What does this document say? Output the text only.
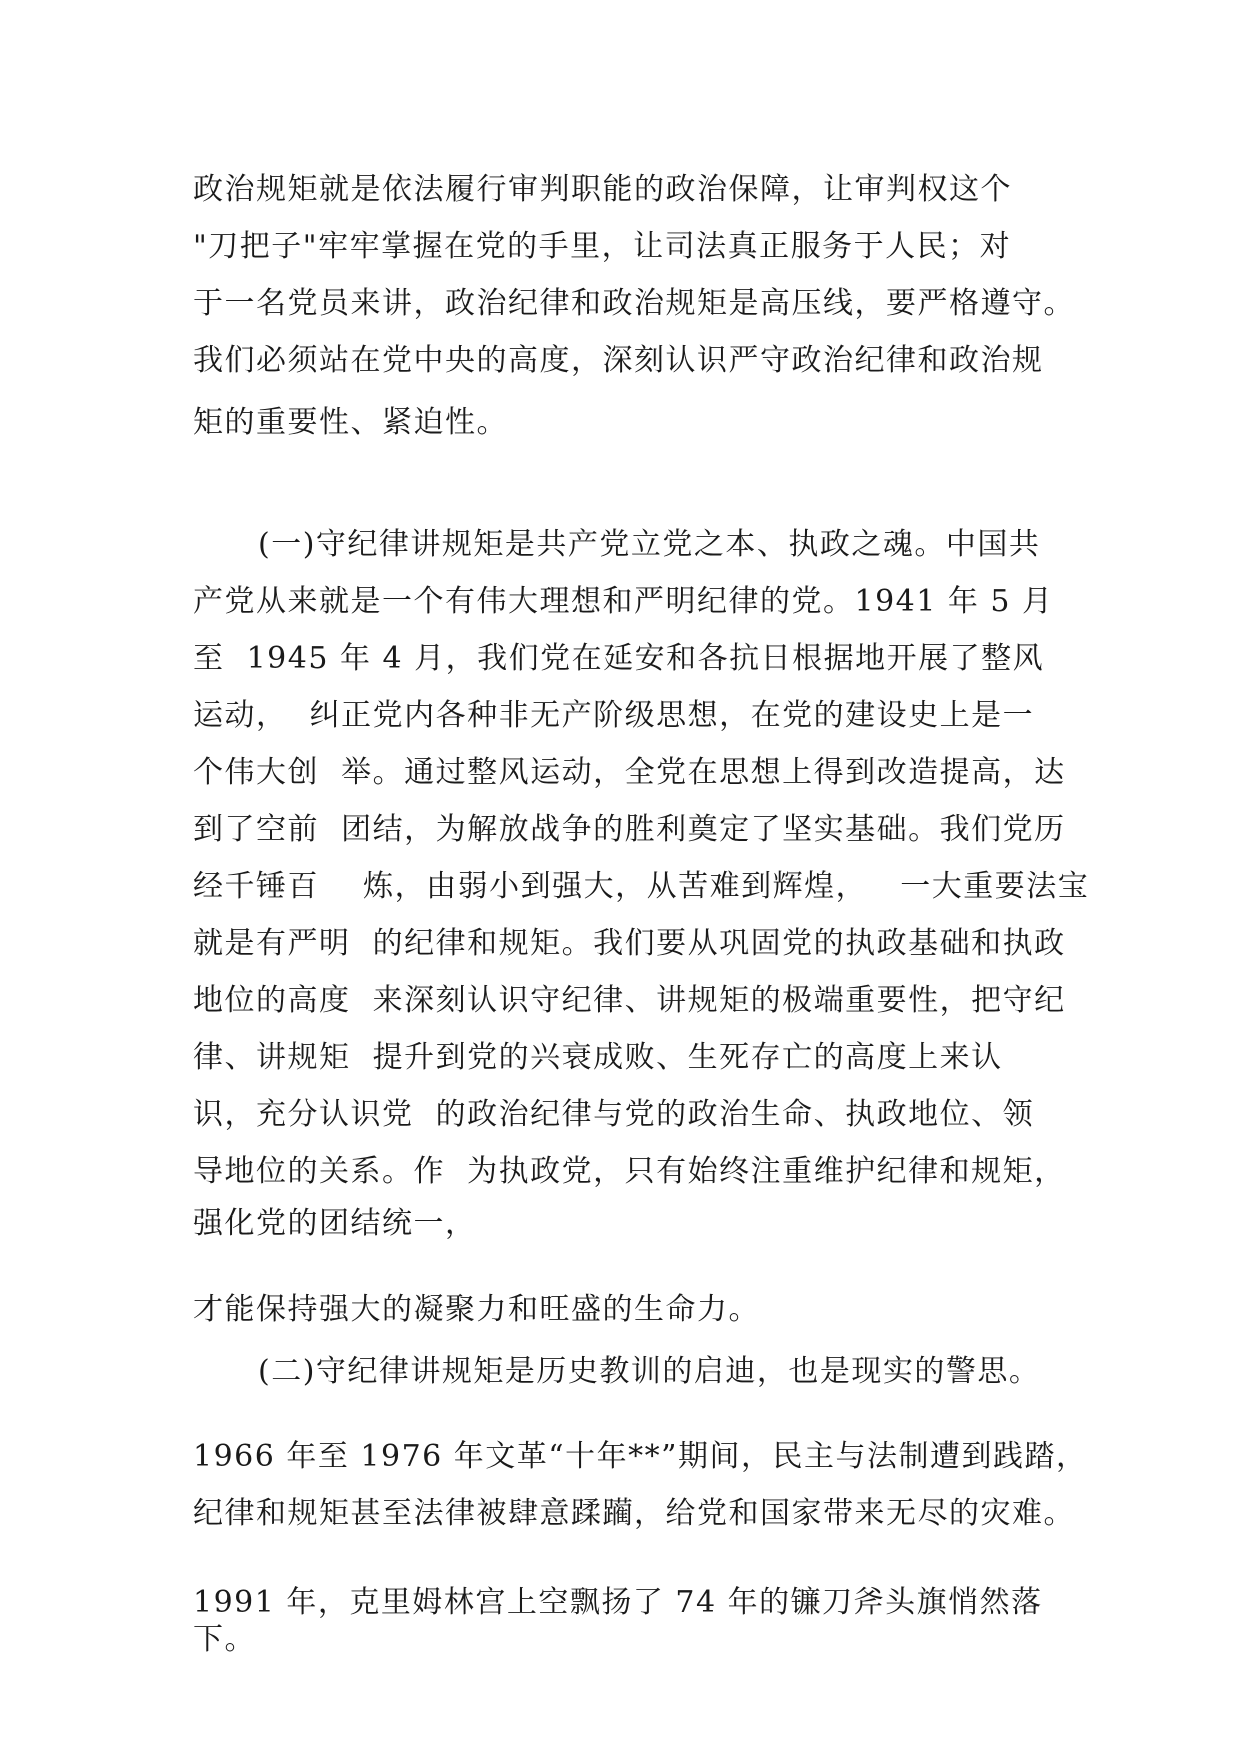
政治规矩就是依法履行审判职能的政治保障，让审判权这个
"刀把子"牢牢掌握在党的手里，让司法真正服务于人民；对
于一名党员来讲，政治纪律和政治规矩是高压线，要严格遵守。
我们必须站在党中央的高度，深刻认识严守政治纪律和政治规
矩的重要性、紧迫性。
(一)守纪律讲规矩是共产党立党之本、执政之魂。中国共
产党从来就是一个有伟大理想和严明纪律的党。1941 年 5 月
至  1945 年 4 月，我们党在延安和各抗日根据地开展了整风
运动，  纠正党内各种非无产阶级思想，在党的建设史上是一
个伟大创  举。通过整风运动，全党在思想上得到改造提高，达
到了空前  团结，为解放战争的胜利奠定了坚实基础。我们党历
经千锤百    炼，由弱小到强大，从苦难到辉煌，   一大重要法宝
就是有严明  的纪律和规矩。我们要从巩固党的执政基础和执政
地位的高度  来深刻认识守纪律、讲规矩的极端重要性，把守纪
律、讲规矩  提升到党的兴衰成败、生死存亡的高度上来认
识，充分认识党  的政治纪律与党的政治生命、执政地位、领
导地位的关系。作  为执政党，只有始终注重维护纪律和规矩，
强化党的团结统一，
才能保持强大的凝聚力和旺盛的生命力。
(二)守纪律讲规矩是历史教训的启迪，也是现实的警思。
1966 年至 1976 年文革“十年**”期间，民主与法制遭到践踏，
纪律和规矩甚至法律被肆意蹂躏，给党和国家带来无尽的灾难。
1991 年，克里姆林宫上空飘扬了 74 年的镰刀斧头旗悄然落
下。
